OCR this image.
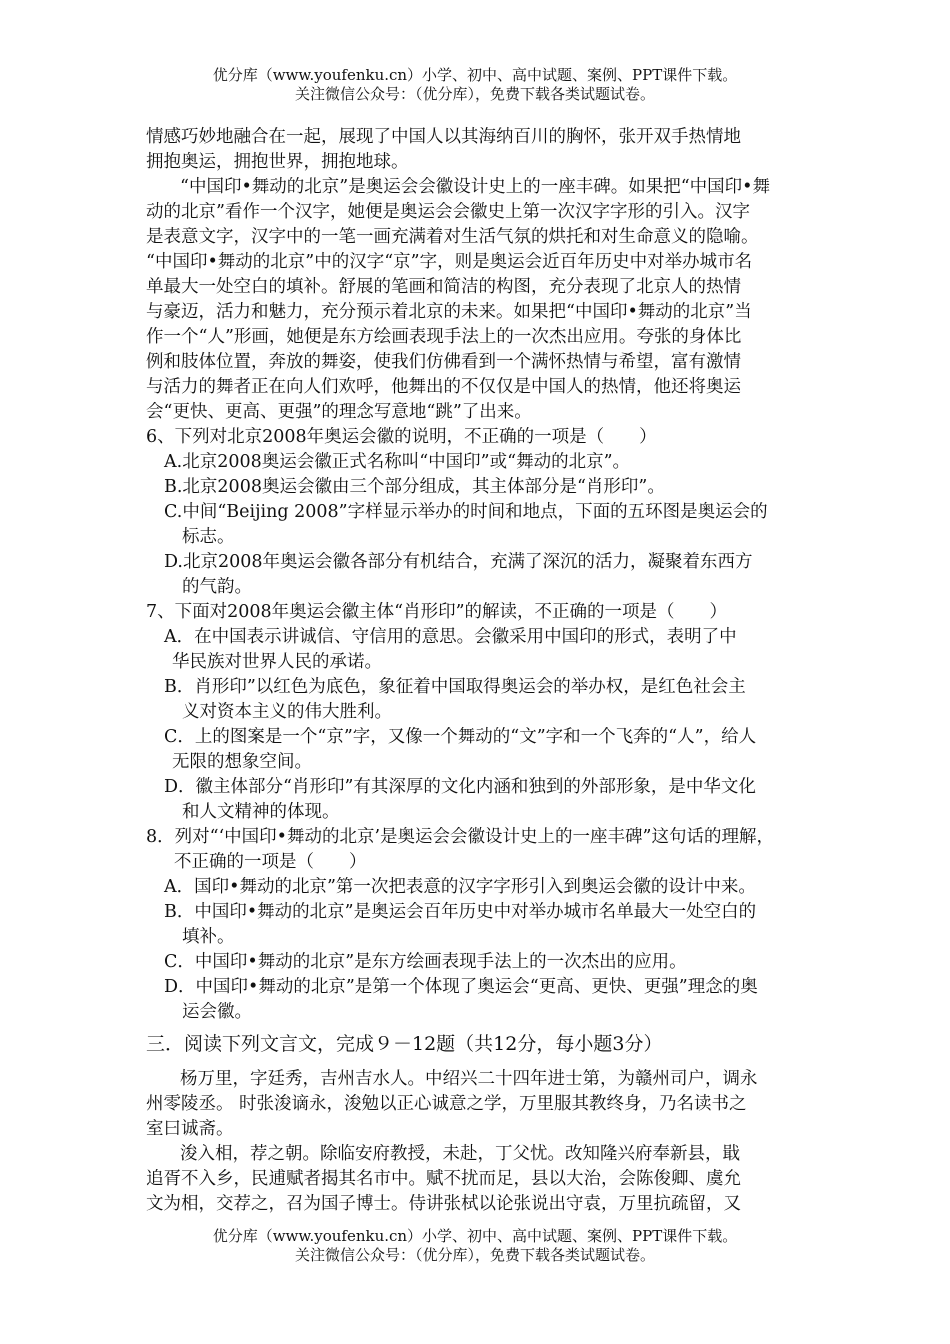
优分库（www.youfenku.cn）小学、初中、高中试题、案例、PPT课件下载。
关注微信公众号：（优分库），免费下载各类试题试卷。
情感巧妙地融合在一起，展现了中国人以其海纳百川的胸怀，张开双手热情地
拥抱奥运，拥抱世界，拥抱地球。
“中国印•舞动的北京”是奥运会会徽设计史上的一座丰碑。如果把“中国印•舞
动的北京”看作一个汉字，她便是奥运会会徽史上第一次汉字字形的引入。汉字
是表意文字，汉字中的一笔一画充满着对生活气氛的烘托和对生命意义的隐喻。
“中国印•舞动的北京”中的汉字“京”字，则是奥运会近百年历史中对举办城市名
单最大一处空白的填补。舒展的笔画和简洁的构图，充分表现了北京人的热情
与豪迈，活力和魅力，充分预示着北京的未来。如果把“中国印•舞动的北京”当
作一个“人”形画，她便是东方绘画表现手法上的一次杰出应用。夸张的身体比
例和肢体位置，奔放的舞姿，使我们仿佛看到一个满怀热情与希望，富有激情
与活力的舞者正在向人们欢呼，他舞出的不仅仅是中国人的热情，他还将奥运
会“更快、更高、更强”的理念写意地“跳”了出来。
6、下列对北京2008年奥运会徽的说明，不正确的一项是（　　）
A.北京2008奥运会徽正式名称叫“中国印”或“舞动的北京”。
B.北京2008奥运会徽由三个部分组成，其主体部分是“肖形印”。
C.中间“Beijing 2008”字样显示举办的时间和地点，下面的五环图是奥运会的
标志。
D.北京2008年奥运会徽各部分有机结合，充满了深沉的活力，凝聚着东西方
的气韵。
7、下面对2008年奥运会徽主体“肖形印”的解读，不正确的一项是（　　）
A．在中国表示讲诚信、守信用的意思。会徽采用中国印的形式，表明了中
华民族对世界人民的承诺。
B．肖形印”以红色为底色，象征着中国取得奥运会的举办权，是红色社会主
义对资本主义的伟大胜利。
C．上的图案是一个“京”字，又像一个舞动的“文”字和一个飞奔的“人”，给人
无限的想象空间。
D．徽主体部分“肖形印”有其深厚的文化内涵和独到的外部形象，是中华文化
和人文精神的体现。
8．列对“‘中国印•舞动的北京’是奥运会会徽设计史上的一座丰碑”这句话的理解，
不正确的一项是（　　）
A．国印•舞动的北京”第一次把表意的汉字字形引入到奥运会徽的设计中来。
B．中国印•舞动的北京”是奥运会百年历史中对举办城市名单最大一处空白的
填补。
C．中国印•舞动的北京”是东方绘画表现手法上的一次杰出的应用。
D．中国印•舞动的北京”是第一个体现了奥运会“更高、更快、更强”理念的奥
运会徽。
三．阅读下列文言文，完成９－12题（共12分，每小题3分）
杨万里，字廷秀，吉州吉水人。中绍兴二十四年进士第，为赣州司户，调永
州零陵丞。 时张浚谪永，浚勉以正心诚意之学，万里服其教终身，乃名读书之
室曰诚斋。
浚入相，荐之朝。除临安府教授，未赴，丁父忧。改知隆兴府奉新县，戢
追胥不入乡，民逋赋者揭其名市中。赋不扰而足，县以大治，会陈俊卿、虞允
文为相，交荐之，召为国子博士。侍讲张栻以论张说出守袁，万里抗疏留，又
优分库（www.youfenku.cn）小学、初中、高中试题、案例、PPT课件下载。
关注微信公众号：（优分库），免费下载各类试题试卷。
